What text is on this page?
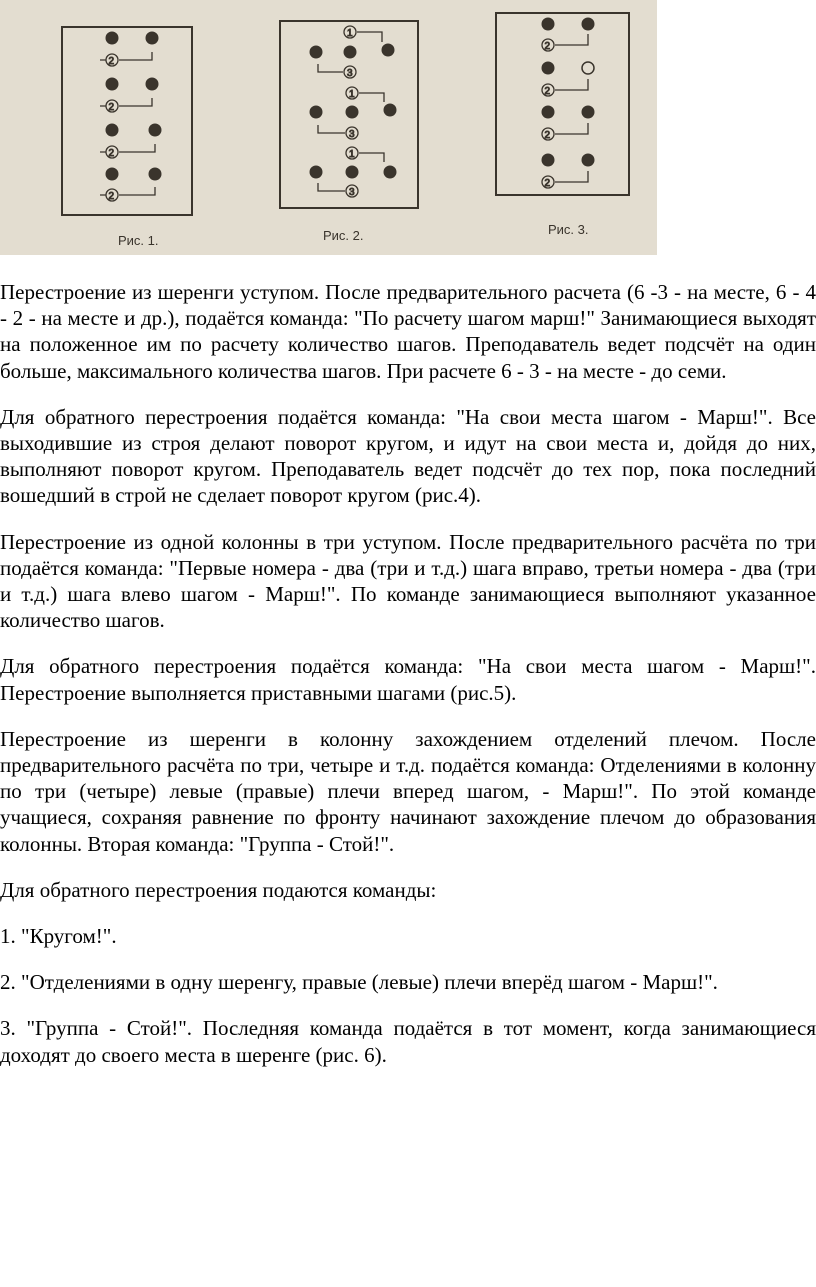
2
2
2
2
Рис. 1.
1
3
1
3
1
3
Рис. 2.
2
2
2
2
Рис. 3.

Перестроение из шеренги уступом. После предварительного расчета (6 -3 - на месте, 6 - 4 - 2 - на месте и др.), подаётся команда: "По расчету шагом марш!" Занимающиеся выходят на положенное им по расчету количество шагов. Преподаватель ведет подсчёт на один больше, максимального количества шагов. При расчете 6 - 3 - на месте - до семи.

Для обратного перестроения подаётся команда: "На свои места шагом - Марш!". Все выходившие из строя делают поворот кругом, и идут на свои места и, дойдя до них, выполняют поворот кругом. Преподаватель ведет подсчёт до тех пор, пока последний вошедший в строй не сделает поворот кругом (рис.4).

Перестроение из одной колонны в три уступом. После предварительного расчёта по три подаётся команда: "Первые номера - два (три и т.д.) шага вправо, третьи номера - два (три и т.д.) шага влево шагом - Марш!". По команде занимающиеся выполняют указанное количество шагов.

Для обратного перестроения подаётся команда: "На свои места шагом - Марш!". Перестроение выполняется приставными шагами (рис.5).

Перестроение из шеренги в колонну захождением отделений плечом. После предварительного расчёта по три, четыре и т.д. подаётся команда: Отделениями в колонну по три (четыре) левые (правые) плечи вперед шагом, - Марш!". По этой команде учащиеся, сохраняя равнение по фронту начинают захождение плечом до образования колонны. Вторая команда: "Группа - Стой!".

Для обратного перестроения подаются команды:

1. "Кругом!".

2. "Отделениями в одну шеренгу, правые (левые) плечи вперёд шагом - Марш!".

3. "Группа - Стой!". Последняя команда подаётся в тот момент, когда занимающиеся доходят до своего места в шеренге (рис. 6).
